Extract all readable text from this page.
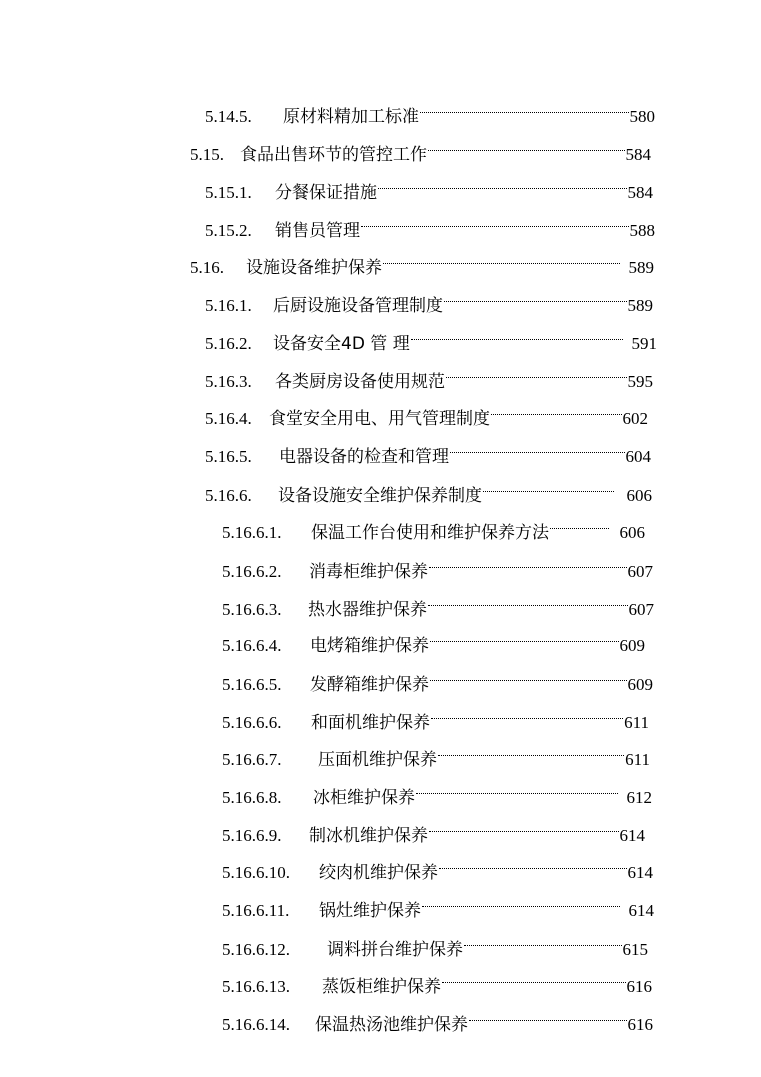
5.14.5.	原材料精加工标准	580
5.15. 食品出售环节的管控工作	584
5.15.1.	分餐保证措施	584
5.15.2.	销售员管理	588
5.16.	设施设备维护保养	589
5.16.1.	后厨设施设备管理制度	589
5.16.2.	设备安全4D 管 理	591
5.16.3.	各类厨房设备使用规范	595
5.16.4.	食堂安全用电、用气管理制度	602
5.16.5.	电器设备的检查和管理	604
5.16.6.	设备设施安全维护保养制度	606
5.16.6.1.	保温工作台使用和维护保养方法	606
5.16.6.2.	消毒柜维护保养	607
5.16.6.3.	热水器维护保养	607
5.16.6.4.	电烤箱维护保养	609
5.16.6.5.	发酵箱维护保养	609
5.16.6.6.	和面机维护保养	611
5.16.6.7.	压面机维护保养	611
5.16.6.8.	冰柜维护保养	612
5.16.6.9.	制冰机维护保养	614
5.16.6.10.	绞肉机维护保养	614
5.16.6.11.	锅灶维护保养	614
5.16.6.12.	调料拼台维护保养	615
5.16.6.13.	蒸饭柜维护保养	616
5.16.6.14.	保温热汤池维护保养	616
